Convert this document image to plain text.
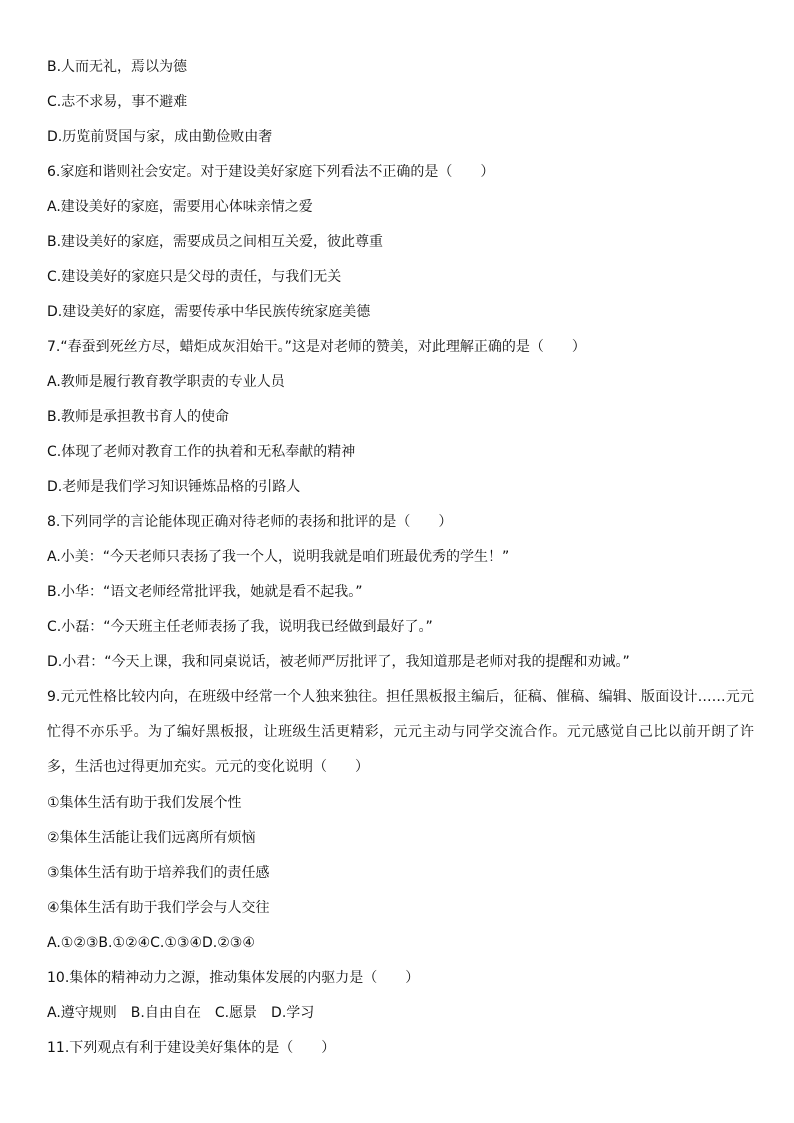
B.人而无礼，焉以为德
C.志不求易，事不避难
D.历览前贤国与家，成由勤俭败由奢
6.家庭和谐则社会安定。对于建设美好家庭下列看法不正确的是（　　）
A.建设美好的家庭，需要用心体味亲情之爱
B.建设美好的家庭，需要成员之间相互关爱，彼此尊重
C.建设美好的家庭只是父母的责任，与我们无关
D.建设美好的家庭，需要传承中华民族传统家庭美德
7.“春蚕到死丝方尽，蜡炬成灰泪始干。”这是对老师的赞美，对此理解正确的是（　　）
A.教师是履行教育教学职责的专业人员
B.教师是承担教书育人的使命
C.体现了老师对教育工作的执着和无私奉献的精神
D.老师是我们学习知识锤炼品格的引路人
8.下列同学的言论能体现正确对待老师的表扬和批评的是（　　）
A.小美：“今天老师只表扬了我一个人，说明我就是咱们班最优秀的学生！”
B.小华：“语文老师经常批评我，她就是看不起我。”
C.小磊：“今天班主任老师表扬了我，说明我已经做到最好了。”
D.小君：“今天上课，我和同桌说话，被老师严厉批评了，我知道那是老师对我的提醒和劝诫。”
9.元元性格比较内向，在班级中经常一个人独来独往。担任黑板报主编后，征稿、催稿、编辑、版面设计……元元忙得不亦乐乎。为了编好黑板报，让班级生活更精彩，元元主动与同学交流合作。元元感觉自己比以前开朗了许多，生活也过得更加充实。元元的变化说明（　　）
①集体生活有助于我们发展个性
②集体生活能让我们远离所有烦恼
③集体生活有助于培养我们的责任感
④集体生活有助于我们学会与人交往
A.①②③B.①②④C.①③④D.②③④
10.集体的精神动力之源，推动集体发展的内驱力是（　　）
A.遵守规则　B.自由自在　C.愿景　D.学习
11.下列观点有利于建设美好集体的是（　　）
